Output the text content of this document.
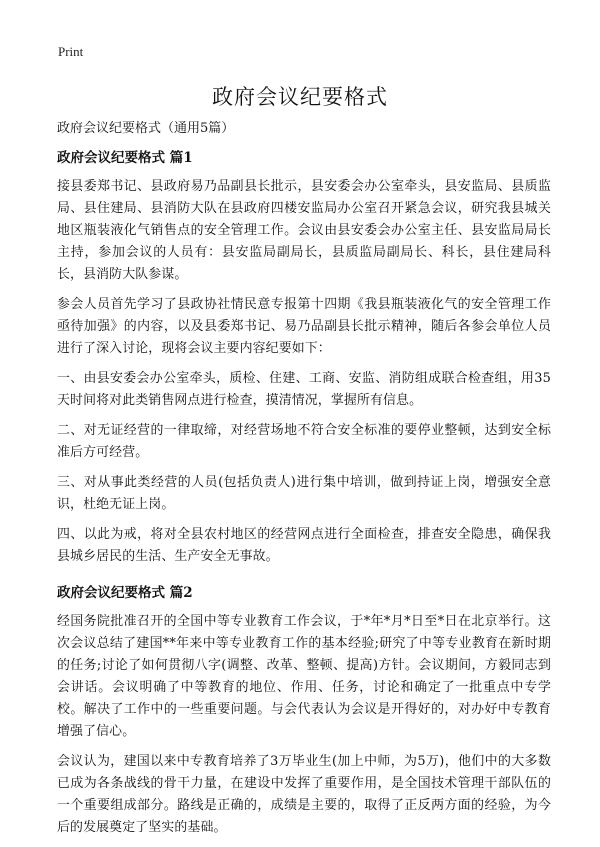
Print
政府会议纪要格式

政府会议纪要格式（通用5篇）

政府会议纪要格式 篇1

接县委郑书记、县政府易乃品副县长批示，县安委会办公室牵头，县安监局、县质监局、县住建局、县消防大队在县政府四楼安监局办公室召开紧急会议，研究我县城关地区瓶装液化气销售点的安全管理工作。会议由县安委会办公室主任、县安监局局长主持，参加会议的人员有：县安监局副局长，县质监局副局长、科长，县住建局科长，县消防大队参谋。

参会人员首先学习了县政协社情民意专报第十四期《我县瓶装液化气的安全管理工作亟待加强》的内容，以及县委郑书记、易乃品副县长批示精神，随后各参会单位人员进行了深入讨论，现将会议主要内容纪要如下：

一、由县安委会办公室牵头，质检、住建、工商、安监、消防组成联合检查组，用35天时间将对此类销售网点进行检查，摸清情况，掌握所有信息。

二、对无证经营的一律取缔，对经营场地不符合安全标准的要停业整顿，达到安全标准后方可经营。

三、对从事此类经营的人员(包括负责人)进行集中培训，做到持证上岗，增强安全意识，杜绝无证上岗。

四、以此为戒，将对全县农村地区的经营网点进行全面检查，排查安全隐患，确保我县城乡居民的生活、生产安全无事故。

政府会议纪要格式 篇2

经国务院批准召开的全国中等专业教育工作会议，于*年*月*日至*日在北京举行。这次会议总结了建国**年来中等专业教育工作的基本经验;研究了中等专业教育在新时期的任务;讨论了如何贯彻八字(调整、改革、整顿、提高)方针。会议期间，方毅同志到会讲话。会议明确了中等教育的地位、作用、任务，讨论和确定了一批重点中专学校。解决了工作中的一些重要问题。与会代表认为会议是开得好的，对办好中专教育增强了信心。

会议认为，建国以来中专教育培养了3万毕业生(加上中师，为5万)，他们中的大多数已成为各条战线的骨干力量，在建设中发挥了重要作用，是全国技术管理干部队伍的一个重要组成部分。路线是正确的，成绩是主要的，取得了正反两方面的经验，为今后的发展奠定了坚实的基础。
